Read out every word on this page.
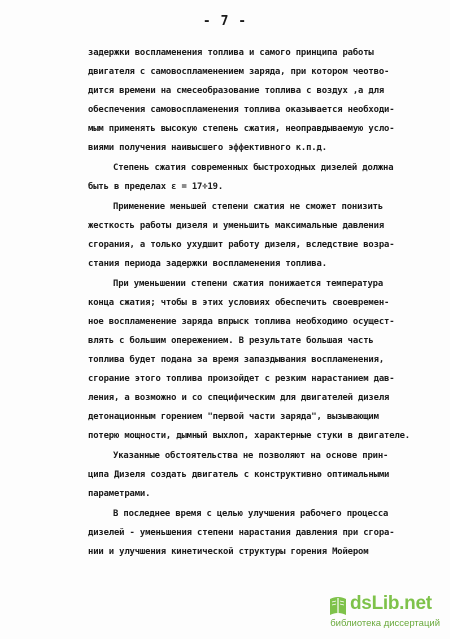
- 7 -
задержки воспламенения топлива и самого принципа работы
двигателя с самовоспламенением заряда, при котором чеотво-
дится времени на смесеобразование топлива с воздух ,а для
обеспечения самовоспламенения топлива оказывается необходи-
мым применять высокую степень сжатия, неоправдываемую усло-
виями получения наивысшего эффективного к.п.д.
Степень сжатия современных быстроходных дизелей должна
быть в пределах ε = 17÷19.
Применение меньшей степени сжатия не сможет понизить
жесткость работы дизеля и уменьшить максимальные давления
сгорания, а только ухудшит работу дизеля, вследствие возра-
стания периода задержки воспламенения топлива.
При уменьшении степени сжатия понижается температура
конца сжатия; чтобы в этих условиях обеспечить своевремен-
ное воспламенение заряда впрыск топлива необходимо осущест-
влять с большим опережением. В результате большая часть
топлива будет подана за время запаздывания воспламенения,
сгорание этого топлива произойдет с резким нарастанием дав-
ления, а возможно и со специфическим для двигателей дизеля
детонационным горением "первой части заряда", вызывающим
потерю мощности, дымный выхлоп, характерные стуки в двигателе.
Указанные обстоятельства не позволяют на основе прин-
ципа Дизеля создать двигатель с конструктивно оптимальными
параметрами.
В последнее время с целью улучшения рабочего процесса
дизелей - уменьшения степени нарастания давления при сгора-
нии и улучшения кинетической структуры горения Мойером
dsLib.net
библиотека диссертаций
